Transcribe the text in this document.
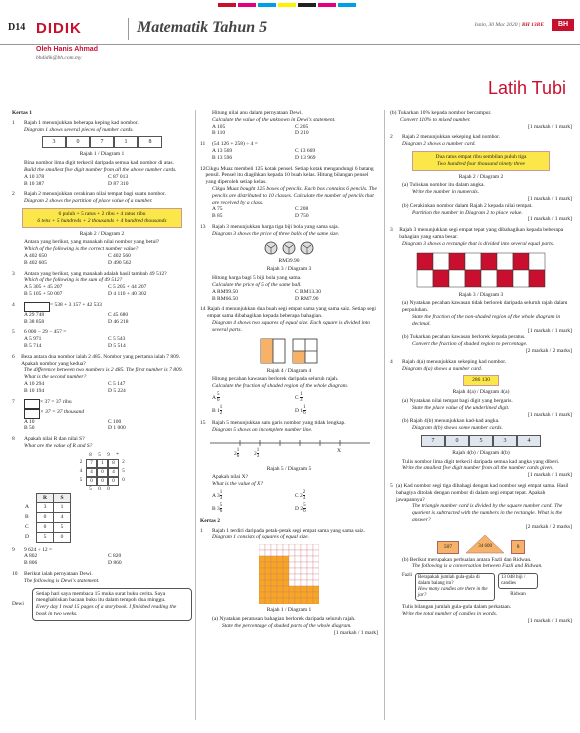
D14 DIDIK	Matematik Tahun 5	Isnin, 30 Mac 2020 | BH 13BE	BH
Oleh Hanis Ahmad
bhdidik@bh.com.my
Latih Tubi
Kertas 1
1	Rajah 1 menunjukkan beberapa keping kad nombor.
Diagram 1 shows several pieces of number cards.
3	0	7	1	8
Rajah 1 / Diagram 1
Bina nombor lima digit terkecil daripada semua kad nombor di atas.
Build the smallest five digit number from all the above number cards.
A 10 378	C 87 013
B 10 387	D 87 310
2	Rajah 2 menunjukkan cerakinan nilai tempat bagi suatu nombor.
Diagram 2 shows the partition of place value of a number.
6 puluh + 5 ratus + 2 ribu + 4 ratus ribu
6 tens + 5 hundreds + 2 thousands + 4 hundred thousands
Rajah 2 / Diagram 2
Antara yang berikut, yang manakah nilai nombor yang betul?
Which of the following is the correct number value?
A 402 650	C 402 560
B 402 605	D 490 562
3	Antara yang berikut, yang manakah adalah hasil tambah 49 512?
Which of the following is the sum of 49 512?
A 5 305 + 45 207	C 5 205 + 44 207
B 5 105 + 50 007	D 4 110 + 40 302
4	= 538 + 3 157 + 42 533
A 29 748	C 45 680
B 38 858	D 46 218
5	6 000 − 29 − 457 =
A 5 971	C 5 543
B 5 714	D 5 514
6	Beza antara dua nombor ialah 2 485. Nombor yang pertama ialah 7 809. Apakah nombor yang kedua?
The difference between two numbers is 2 485. The first number is 7 809. What is the second number?
A 10 294	C 5 147
B 10 194	D 5 224
7	× 37 = 37 ribu
× 37 = 37 thousand
A 10	C 100
B 50	D 1 000
8	Apakah nilai R dan nilai S?
What are the value of R and S?
8	5	9	*
2	7	1	8	2
4	4	0	4	5
5	0	0	0	0
5	0	0
	R	S
A	3	1
B	0	4
C	0	5
D	5	0
9	9 624 ÷ 12 =
A 802	C 820
B 806	D 860
10	Berikut ialah pernyataan Dewi.
The following is Dewi's statement.
Dewi
Setiap hari saya membaca 15 muka surat buku cerita. Saya menghabiskan bacaan buku itu dalam tempoh dua minggu.
Every day I read 15 pages of a storybook. I finished reading the book in two weeks.
Hitung nilai anu dalam pernyataan Dewi.
Calculate the value of the unknown in Dewi's statement.
A 105	C 205
B 110	D 210
11	(54 126 + 258) ÷ 4 =
A 13 569	C 13 669
B 13 596	D 13 969
12 Cikgu Muaz membeli 125 kotak pensel. Setiap kotak mengandungi 6 batang pensil. Pensel itu diagihkan kepada 10 buah kelas. Hitung bilangan pensel yang diperoleh setiap kelas.
Cikgu Muaz bought 125 boxes of pencils. Each box contains 6 pencils. The pencils are distributed to 10 classes. Calculate the number of pencils that are received by a class.
A 75	C 208
B 85	D 750
13	Rajah 3 menunjukkan harga tiga biji bola yang sama saja.
Diagram 3 shows the price of three balls of the same size.
RM39.90
Rajah 3 / Diagram 3
Hitung harga bagi 5 biji bola yang sama.
Calculate the price of 5 of the same ball.
A RM99.50	C RM13.30
B RM66.50	D RM7.90
14 Rajah 4 menunjukkan dua buah segi empat sama yang sama saiz. Setiap segi empat sama dibahagikan kepada beberapa bahagian.
Diagram 4 shows two squares of equal size. Each square is divided into several parts.
Rajah 4 / Diagram 4
Hitung pecahan kawasan berlorek daripada seluruh rajah.
Calculate the fraction of shaded region of the whole diagram.
A $\frac{5}{6}$	C $\frac{1}{3}$
B $1 \frac{1}{2}$	D $1 \frac{1}{6}$
15	Rajah 5 menunjukkan satu garis nombor yang tidak lengkap.
Diagram 5 shows an incomplete number line.
$2 \frac{1}{6}$	$2 \frac{1}{3}$	X
Rajah 5 / Diagram 5
Apakah nilai X?
What is the value of X?
A $3 \frac{1}{3}$	C $2 \frac{2}{3}$
B $3 \frac{5}{6}$	D $2 \frac{5}{6}$
Kertas 2
1	Rajah 1 terdiri daripada petak-petak segi empat sama yang sama saiz.
Diagram 1 consists of squares of equal size.
Rajah 1 / Diagram 1
(a) Nyatakan peratusan bahagian berlorek daripada seluruh rajah.
State the percentage of shaded parts of the whole diagram.
[1 markah / 1 mark]
(b) Tukarkan 10% kepada nombor bercampur.
Convert 110% to mixed number.
[1 markah / 1 mark]
2	Rajah 2 menunjukkan sekeping kad nombor.
Diagram 2 shows a number card.
Dua ratus empat ribu sembilan puluh tiga
Two hundred four thousand ninety three
Rajah 2 / Diagram 2
(a) Tuliskan nombor itu dalam angka.
Write the number in numerals.
[1 markah / 1 mark]
(b) Cerakinkan nombor dalam Rajah 2 kepada nilai tempat.
Partition the number in Diagram 2 to place value.
[1 markah / 1 mark]
3	Rajah 3 menunjukkan segi empat tepat yang dibahagikan kepada beberapa bahagian yang sama besar.
Diagram 3 shows a rectangle that is divided into several equal parts.
Rajah 3 / Diagram 3
(a) Nyatakan pecahan kawasan tidak berlorek daripada seluruh rajah dalam perpuluhan.
State the fraction of the non-shaded region of the whole diagram in decimal.
[1 markah / 1 mark]
(b) Tukarkan pecahan kawasan berlorek kepada peratus.
Convert the fraction of shaded region to percentage.
[2 markah / 2 marks]
4	Rajah 4(a) menunjukkan sekeping kad nombor.
Diagram 4(a) shows a number card.
286 130
Rajah 4(a) / Diagram 4(a)
(a) Nyatakan nilai tempat bagi digit yang bergaris.
State the place value of the underlined digit.
[1 markah / 1 mark]
(b) Rajah 4(b) menunjukkan kad-kad angka.
Diagram 4(b) shows some number cards.
7	0	5	3	4
Rajah 4(b) / Diagram 4(b)
Tulis nombor lima digit terkecil daripada semua kad angka yang diberi.
Write the smallest five digit number from all the number cards given.
[1 markah / 1 mark]
5 (a) Kad nombor segi tiga dibahagi dengan kad nombor segi empat sama. Hasil bahagiya ditolak dengan nombor di dalam segi empat tepat. Apakah jawapannya?
The triangle number card is divided by the square number card. The quotient is subtracted with the numbers in the rectangle. What is the answer?
[2 markah / 2 marks]
507	34 600	8
(b) Berikut merupakan perbualan antara Fazli dan Ridwan.
The following is a conversation between Fazli and Ridwan.
Fazli Berapakah jumlah gula-gula di dalam balang itu?
How many candies are there in the jar?
13 048 biji / candies
Ridwan
Tulis bilangan jumlah gula-gula dalam perkataan.
Write the total number of candies in words.
[1 markah / 1 mark]
